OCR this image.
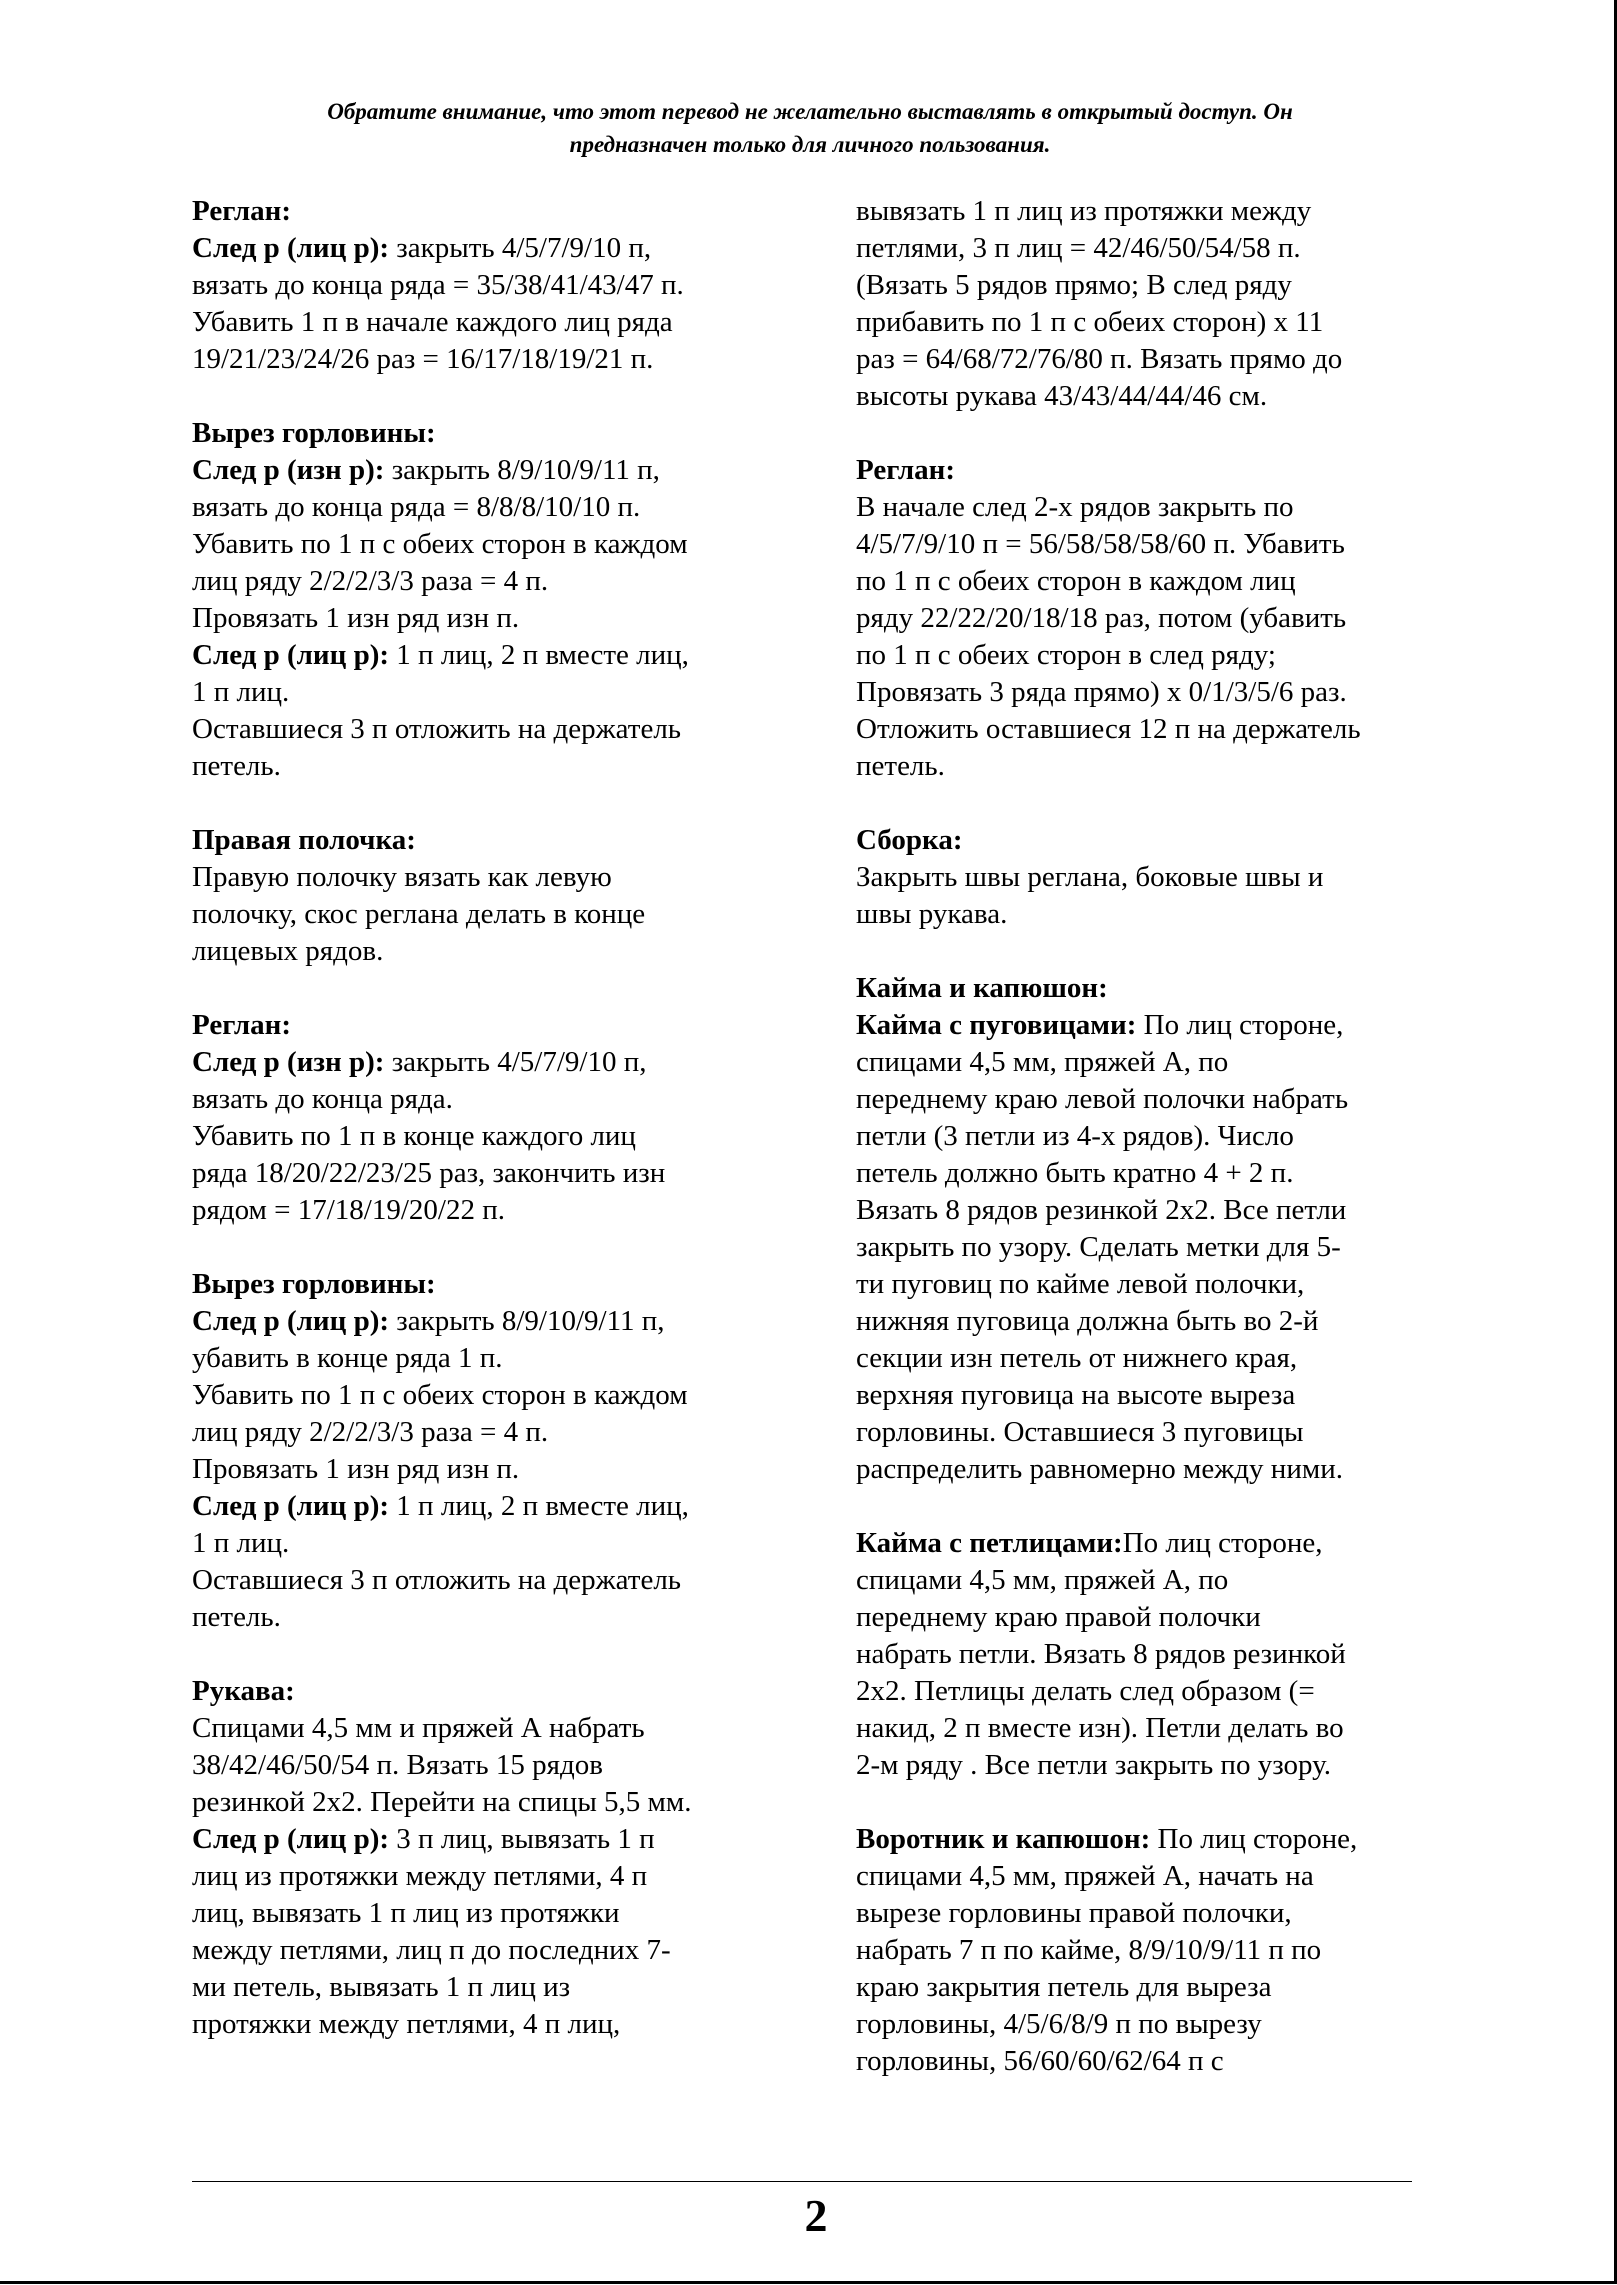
Обратите внимание, что этот перевод не желательно выставлять в открытый доступ. Он
предназначен только для личного пользования.

Реглан:
След р (лиц р): закрыть 4/5/7/9/10 п,
вязать до конца ряда = 35/38/41/43/47 п.
Убавить 1 п в начале каждого лиц ряда
19/21/23/24/26 раз = 16/17/18/19/21 п.

Вырез горловины:
След р (изн р): закрыть 8/9/10/9/11 п,
вязать до конца ряда = 8/8/8/10/10 п.
Убавить по 1 п с обеих сторон в каждом
лиц ряду 2/2/2/3/3 раза = 4 п.
Провязать 1 изн ряд изн п.
След р (лиц р): 1 п лиц, 2 п вместе лиц,
1 п лиц.
Оставшиеся 3 п отложить на держатель
петель.

Правая полочка:
Правую полочку вязать как левую
полочку, скос реглана делать в конце
лицевых рядов.

Реглан:
След р (изн р): закрыть 4/5/7/9/10 п,
вязать до конца ряда.
Убавить по 1 п в конце каждого лиц
ряда 18/20/22/23/25 раз, закончить изн
рядом = 17/18/19/20/22 п.

Вырез горловины:
След р (лиц р): закрыть 8/9/10/9/11 п,
убавить в конце ряда 1 п.
Убавить по 1 п с обеих сторон в каждом
лиц ряду 2/2/2/3/3 раза = 4 п.
Провязать 1 изн ряд изн п.
След р (лиц р): 1 п лиц, 2 п вместе лиц,
1 п лиц.
Оставшиеся 3 п отложить на держатель
петель.

Рукава:
Спицами 4,5 мм и пряжей А набрать
38/42/46/50/54 п. Вязать 15 рядов
резинкой 2x2. Перейти на спицы 5,5 мм.
След р (лиц р): 3 п лиц, вывязать 1 п
лиц из протяжки между петлями, 4 п
лиц, вывязать 1 п лиц из протяжки
между петлями, лиц п до последних 7-
ми петель, вывязать 1 п лиц из
протяжки между петлями, 4 п лиц,

вывязать 1 п лиц из протяжки между
петлями, 3 п лиц = 42/46/50/54/58 п.
(Вязать 5 рядов прямо; В след ряду
прибавить по 1 п с обеих сторон) x 11
раз = 64/68/72/76/80 п. Вязать прямо до
высоты рукава 43/43/44/44/46 см.

Реглан:
В начале след 2-х рядов закрыть по
4/5/7/9/10 п = 56/58/58/58/60 п. Убавить
по 1 п с обеих сторон в каждом лиц
ряду 22/22/20/18/18 раз, потом (убавить
по 1 п с обеих сторон в след ряду;
Провязать 3 ряда прямо) x 0/1/3/5/6 раз.
Отложить оставшиеся 12 п на держатель
петель.

Сборка:
Закрыть швы реглана, боковые швы и
швы рукава.

Кайма и капюшон:
Кайма с пуговицами: По лиц стороне,
спицами 4,5 мм, пряжей А, по
переднему краю левой полочки набрать
петли (3 петли из 4-х рядов). Число
петель должно быть кратно 4 + 2 п.
Вязать 8 рядов резинкой 2x2. Все петли
закрыть по узору. Сделать метки для 5-
ти пуговиц по кайме левой полочки,
нижняя пуговица должна быть во 2-й
секции изн петель от нижнего края,
верхняя пуговица на высоте выреза
горловины. Оставшиеся 3 пуговицы
распределить равномерно между ними.

Кайма с петлицами:По лиц стороне,
спицами 4,5 мм, пряжей А, по
переднему краю правой полочки
набрать петли. Вязать 8 рядов резинкой
2x2. Петлицы делать след образом (=
накид, 2 п вместе изн). Петли делать во
2-м ряду . Все петли закрыть по узору.

Воротник и капюшон: По лиц стороне,
спицами 4,5 мм, пряжей А, начать на
вырезе горловины правой полочки,
набрать 7 п по кайме, 8/9/10/9/11 п по
краю закрытия петель для выреза
горловины, 4/5/6/8/9 п по вырезу
горловины, 56/60/60/62/64 п с

2
